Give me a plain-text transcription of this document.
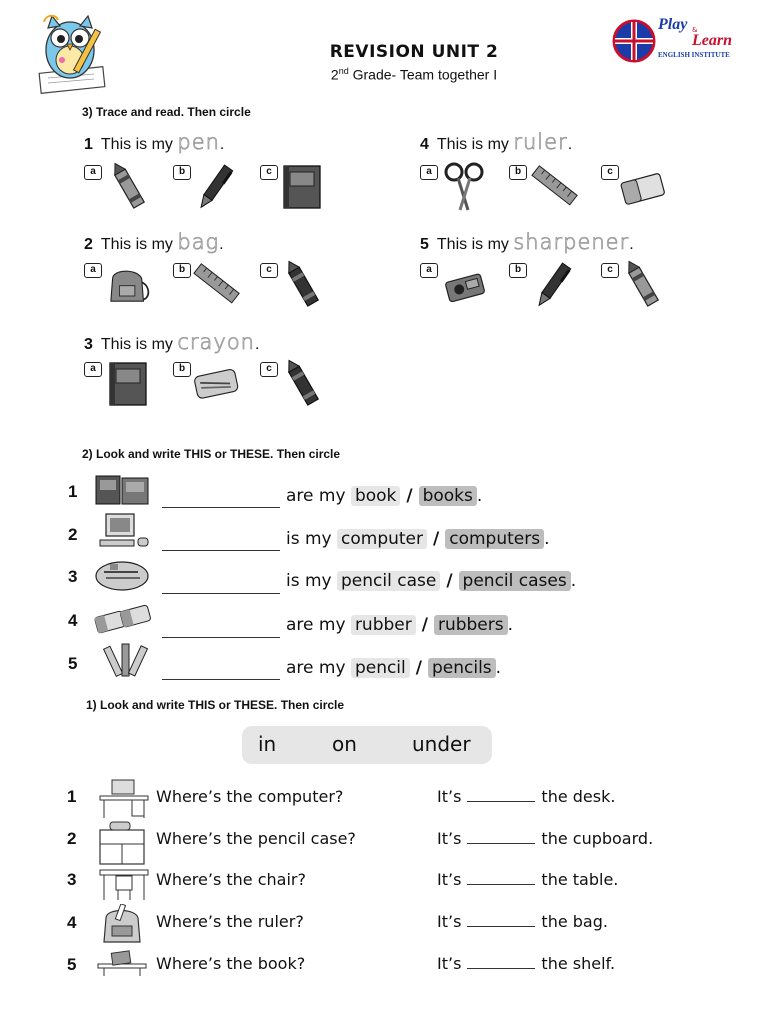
REVISION UNIT 2
2nd Grade- Team together I
Play &
Learn
ENGLISH INSTITUTE
3) Trace and read. Then circle
1 This is my pen.
a	b	c
4 This is my ruler.
a	b	c
2 This is my bag.
a	b	c
5 This is my sharpener.
a	b	c
3 This is my crayon.
a	b	c
2) Look and write THIS or THESE. Then circle
1	are my book / books .
2	is my computer / computers .
3	is my pencil case / pencil cases .
4	are my rubber / rubbers .
5	are my pencil / pencils .
1) Look and write THIS or THESE. Then circle
in	on	under
1	Where’s the computer?	It’s	the desk.
2	Where’s the pencil case?	It’s	the cupboard.
3	Where’s the chair?	It’s	the table.
4	Where’s the ruler?	It’s	the bag.
5	Where’s the book?	It’s	the shelf.
